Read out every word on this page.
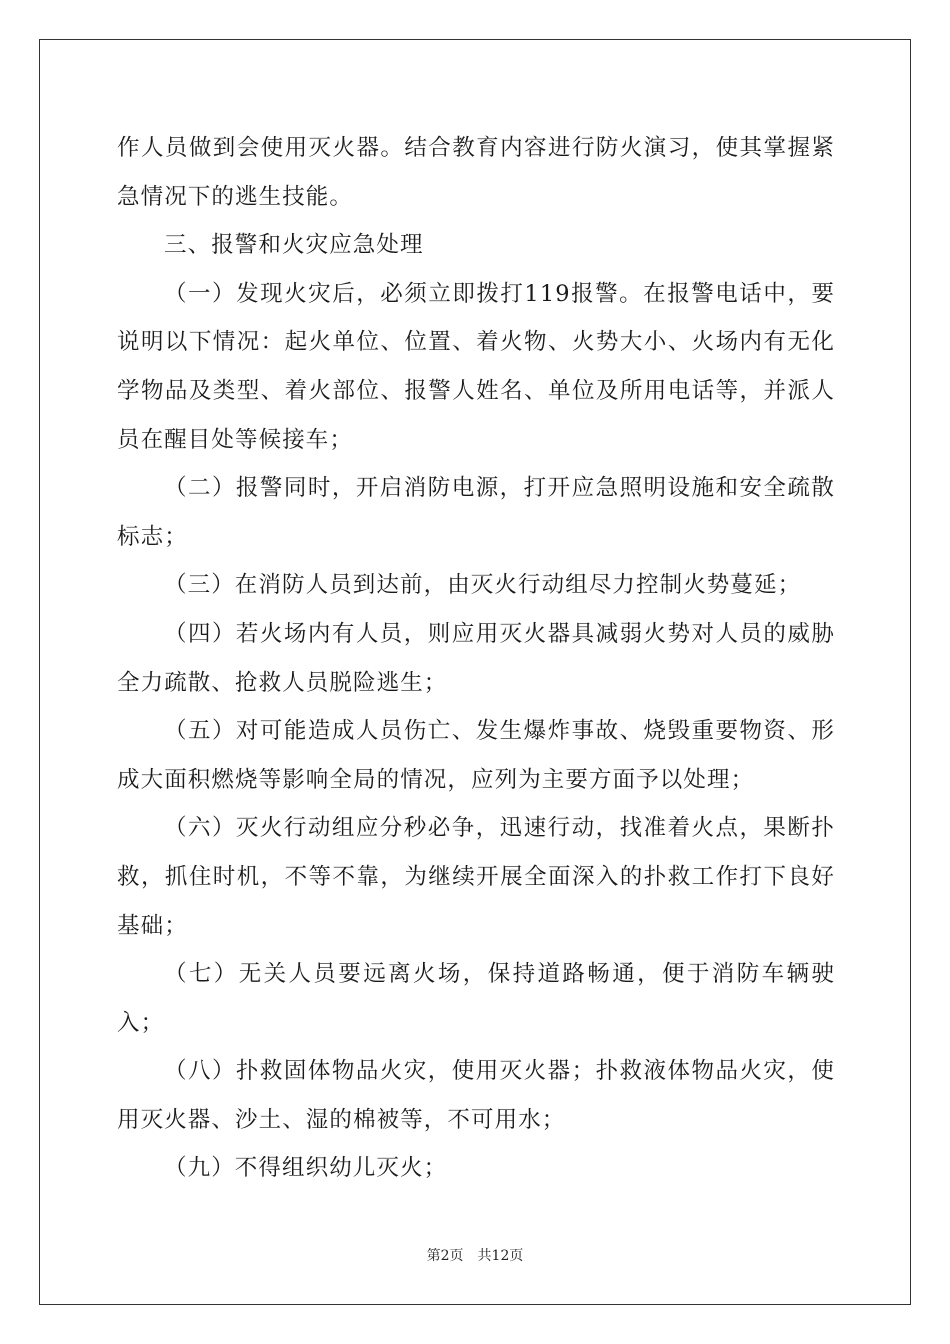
作人员做到会使用灭火器。结合教育内容进行防火演习，使其掌握紧急情况下的逃生技能。

三、报警和火灾应急处理

（一）发现火灾后，必须立即拨打119报警。在报警电话中，要说明以下情况：起火单位、位置、着火物、火势大小、火场内有无化学物品及类型、着火部位、报警人姓名、单位及所用电话等，并派人员在醒目处等候接车；

（二）报警同时，开启消防电源，打开应急照明设施和安全疏散标志；

（三）在消防人员到达前，由灭火行动组尽力控制火势蔓延；

（四）若火场内有人员，则应用灭火器具减弱火势对人员的威胁全力疏散、抢救人员脱险逃生；

（五）对可能造成人员伤亡、发生爆炸事故、烧毁重要物资、形成大面积燃烧等影响全局的情况，应列为主要方面予以处理；

（六）灭火行动组应分秒必争，迅速行动，找准着火点，果断扑救，抓住时机，不等不靠，为继续开展全面深入的扑救工作打下良好基础；

（七）无关人员要远离火场，保持道路畅通，便于消防车辆驶入；

（八）扑救固体物品火灾，使用灭火器；扑救液体物品火灾，使用灭火器、沙土、湿的棉被等，不可用水；

（九）不得组织幼儿灭火；

第2页 共12页
